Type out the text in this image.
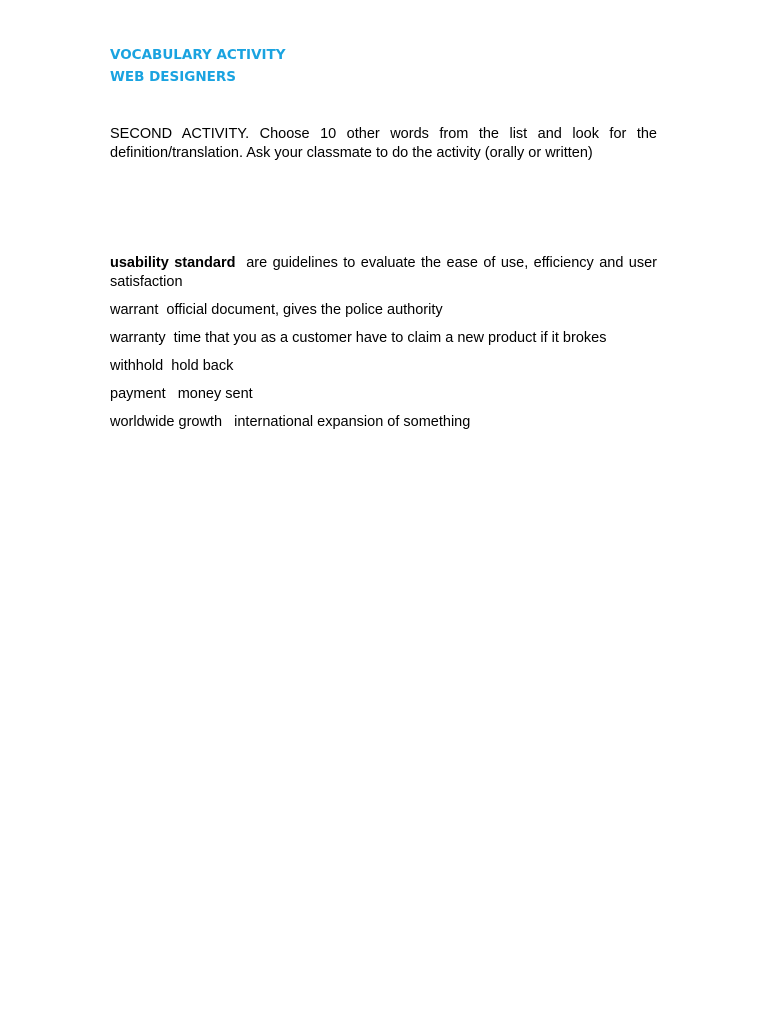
VOCABULARY ACTIVITY
WEB DESIGNERS
SECOND ACTIVITY. Choose 10 other words from the list and look for the definition/translation. Ask your classmate to do the activity (orally or written)
usability standard are guidelines to evaluate the ease of use, efficiency and user satisfaction
warrant official document, gives the police authority
warranty time that you as a customer have to claim a new product if it brokes
withhold hold back
payment money sent
worldwide growth international expansion of something
